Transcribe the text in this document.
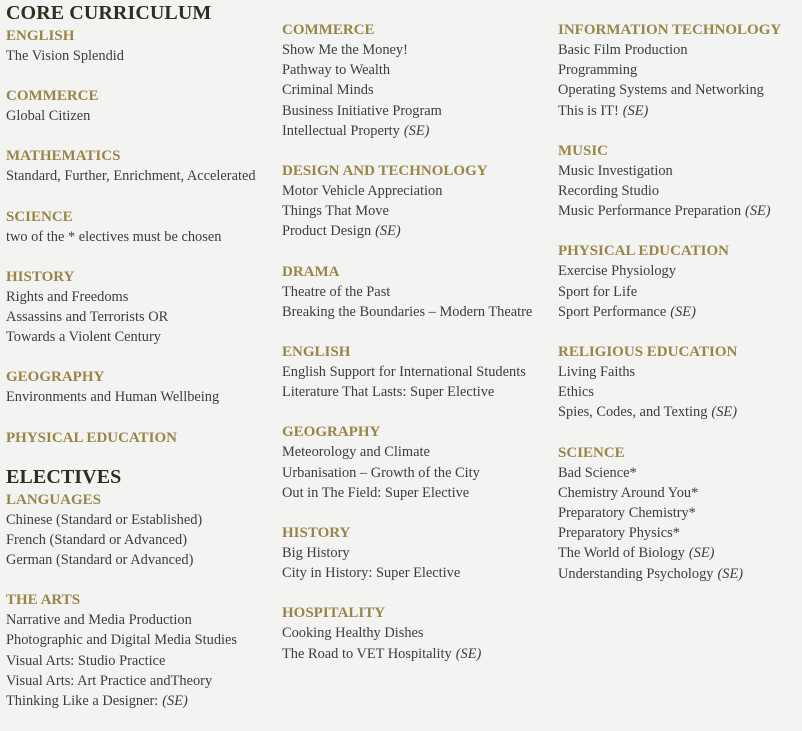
CORE CURRICULUM
ENGLISH
The Vision Splendid
COMMERCE
Global Citizen
MATHEMATICS
Standard, Further, Enrichment, Accelerated
SCIENCE
two of the * electives must be chosen
HISTORY
Rights and Freedoms
Assassins and Terrorists OR
Towards a Violent Century
GEOGRAPHY
Environments and Human Wellbeing
PHYSICAL EDUCATION
ELECTIVES
LANGUAGES
Chinese (Standard or Established)
French (Standard or Advanced)
German (Standard or Advanced)
THE ARTS
Narrative and Media Production
Photographic and Digital Media Studies
Visual Arts: Studio Practice
Visual Arts: Art Practice andTheory
Thinking Like a Designer: (SE)
COMMERCE
Show Me the Money!
Pathway to Wealth
Criminal Minds
Business Initiative Program
Intellectual Property (SE)
DESIGN AND TECHNOLOGY
Motor Vehicle Appreciation
Things That Move
Product Design (SE)
DRAMA
Theatre of the Past
Breaking the Boundaries – Modern Theatre
ENGLISH
English Support for International Students
Literature That Lasts: Super Elective
GEOGRAPHY
Meteorology and Climate
Urbanisation – Growth of the City
Out in The Field: Super Elective
HISTORY
Big History
City in History: Super Elective
HOSPITALITY
Cooking Healthy Dishes
The Road to VET Hospitality (SE)
INFORMATION TECHNOLOGY
Basic Film Production
Programming
Operating Systems and Networking
This is IT! (SE)
MUSIC
Music Investigation
Recording Studio
Music Performance Preparation (SE)
PHYSICAL EDUCATION
Exercise Physiology
Sport for Life
Sport Performance (SE)
RELIGIOUS EDUCATION
Living Faiths
Ethics
Spies, Codes, and Texting (SE)
SCIENCE
Bad Science*
Chemistry Around You*
Preparatory Chemistry*
Preparatory Physics*
The World of Biology (SE)
Understanding Psychology (SE)
